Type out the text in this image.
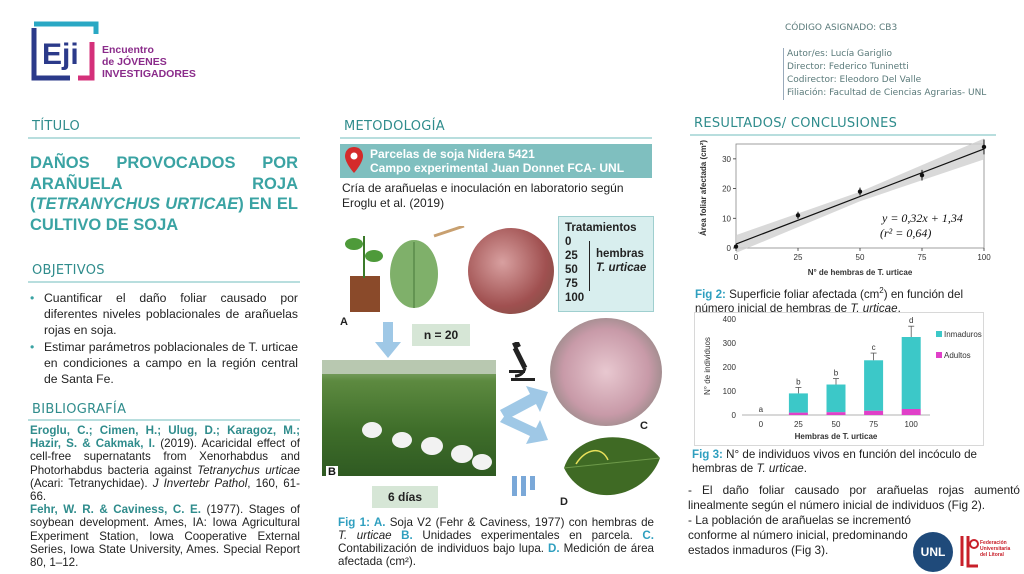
Eji Encuentro
de JÓVENES
INVESTIGADORES
CÓDIGO ASIGNADO: CB3
Autor/es: Lucía Gariglio
Director: Federico Tuninetti
Codirector: Eleodoro Del Valle
Filiación: Facultad de Ciencias Agrarias- UNL
TÍTULO
DAÑOS PROVOCADOS POR ARAÑUELA ROJA (TETRANYCHUS URTICAE) EN EL CULTIVO DE SOJA
OBJETIVOS
• Cuantificar el daño foliar causado por diferentes niveles poblacionales de arañuelas rojas en soja.
• Estimar parámetros poblacionales de T. urticae en condiciones a campo en la región central de Santa Fe.
BIBLIOGRAFÍA

Eroglu, C.; Cimen, H.; Ulug, D.; Karagoz, M.; Hazir, S. & Cakmak, I. (2019). Acaricidal effect of cell-free supernatants from Xenorhabdus and Photorhabdus bacteria against Tetranychus urticae (Acari: Tetranychidae). J Invertebr Pathol, 160, 61-66.

Fehr, W. R. & Caviness, C. E. (1977). Stages of soybean development. Ames, IA: Iowa Agricultural Experiment Station, Iowa Cooperative External Series, Iowa State University, Ames. Special Report 80, 1–12.

METODOLOGÍA
Parcelas de soja Nidera 5421
Campo experimental Juan Donnet FCA- UNL
Cría de arañuelas e inoculación en laboratorio según Eroglu et al. (2019)
A
Tratamientos
0
25
50
75
100
hembras
T. urticae
n = 20
B
6 días
C
D
Fig 1: A. Soja V2 (Fehr & Caviness, 1977) con hembras de T. urticae B. Unidades experimentales en parcela. C. Contabilización de individuos bajo lupa. D. Medición de área afectada (cm²).
RESULTADOS/ CONCLUSIONES
0	25	50	75	100
0
10
20
30
N° de hembras de T. urticae
Área foliar afectada (cm²)	y = 0,32x + 1,34
(r² = 0,64)
Fig 2: Superficie foliar afectada $(cm^2)$ en función del número inicial de hembras de T. urticae.
0
100
200
300
400
a
0
b
25
b
50
c
75
d
100
Hembras de T. urticae
N° de individuos
Inmaduros
Adultos
Fig 3: N° de individuos vivos en función del incóculo de hembras de T. urticae.

- El daño foliar causado por arañuelas rojas aumentó linealmente según el número inicial de individuos (Fig 2).

- La población de arañuelas se incrementó conforme al número inicial, predominando estados inmaduros (Fig 3).	UNL
Federación
Universitaria
del Litoral
